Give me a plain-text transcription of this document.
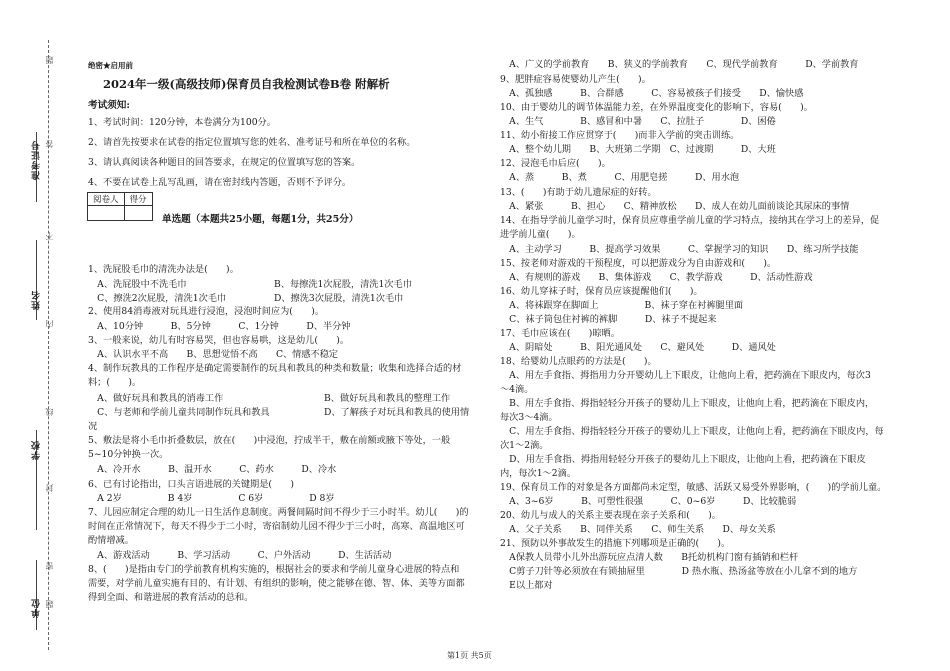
准考证号
姓名
学校
单位
题
答
不
内
线
封
密
题
绝密★启用前
2024年一级(高级技师)保育员自我检测试卷B卷 附解析
考试须知:
1、考试时间：120分钟，本卷满分为100分。
2、请首先按要求在试卷的指定位置填写您的姓名、准考证号和所在单位的名称。
3、请认真阅读各种题目的回答要求，在规定的位置填写您的答案。
4、不要在试卷上乱写乱画，请在密封线内答题，否则不予评分。
阅卷人	得分

单选题（本题共25小题，每题1分，共25分）
1、洗屁股毛巾的清洗办法是(　　)。
　A、洗屁股中不洗毛巾
　C、擦洗2次屁股，清洗1次毛巾
2、使用84消毒液对玩具进行浸泡，浸泡时间应为(　　)。
　A、10分钟　　　B、5分钟　　　C、1分钟　　　D、半分钟
3、一般来说，幼儿有时容易哭，但也容易哄，这是幼儿(　　)。
　A、认识水平不高　　B、思想觉悟不高　　C、情感不稳定
4、制作玩教具的工作程序是确定需要制作的玩具和教具的种类和数量；收集和选择合适的材
料；(　　)。
　A、做好玩具和教具的消毒工作
　C、与老师和学前儿童共同制作玩具和教具
况
5、敷法是将小毛巾折叠数层，放在(　　)中浸泡，拧成半干，敷在前额或腋下等处，一般
5~10分钟换一次。
　A、冷开水　　　B、温开水　　　C、药水　　　D、冷水
6、已有讨论指出，口头言语进展的关键期是(　　)
　A 2岁　　　　　B 4岁　　　　　C 6岁　　　　　D 8岁
7、儿园应制定合理的幼儿一日生活作息制度。两餐间隔时间不得少于三小时半。幼儿(　　)的
时间在正常情况下，每天不得少于二小时，寄宿制幼儿园不得少于三小时，高寒、高温地区可
酌情增减。
　A、游戏活动　　　B、学习活动　　　C、户外活动　　　D、生活活动
8、(　　)是指由专门的学前教育机构实施的，根据社会的要求和学前儿童身心进展的特点和
需要，对学前儿童实施有目的、有计划、有组织的影响，使之能够在德、智、体、美等方面都
得到全面、和谐进展的教育活动的总和。
B、每擦洗1次屁股，清洗1次毛巾
D、擦洗3次屁股，清洗1次毛巾
B、做好玩具和教具的整理工作
D、了解孩子对玩具和教具的使用情
　A、广义的学前教育　　B、狭义的学前教育　　C、现代学前教育　　　D、学前教育
9、肥胖症容易使婴幼儿产生(　　)。
　A、孤独感　　　B、合群感　　　C、容易被孩子们接受　　D、愉快感
10、由于婴幼儿的调节体温能力差，在外界温度变化的影响下，容易(　　)。
　A、生气　　　　B、感冒和中暑　　C、拉肚子　　　　D、困倦
11、幼小衔接工作应贯穿于(　　)而非入学前的突击训练。
　A、整个幼儿期　　B、大班第二学期　C、过渡期　　　D、大班
12、浸泡毛巾后应(　　)。
　A、蒸　　　B、煮　　　C、用肥皂搓　　　D、用水泡
13、(　　)有助于幼儿遗尿症的好转。
　A、紧张　　　B、担心　　C、精神放松　　D、成人在幼儿面前谈论其尿床的事情
14、在指导学前儿童学习时，保育员应尊重学前儿童的学习特点，接纳其在学习上的差异，促
进学前儿童(　　)。
　A、主动学习　　　B、提高学习效果　　　C、掌握学习的知识　　D、练习所学技能
15、按老师对游戏的干预程度，可以把游戏分为自由游戏和(　　)。
　A、有规则的游戏　　B、集体游戏　　C、教学游戏　　　D、活动性游戏
16、幼儿穿袜子时，保育员应该提醒他们(　　)。
　A、将袜跟穿在脚面上　　　　　B、袜子穿在衬裤腿里面
　C、袜子筒包住衬裤的裤脚　　　D、袜子不提起来
17、毛巾应该在(　　)晾晒。
　A、阴暗处　　　B、阳光通风处　　C、避风处　　　D、通风处
18、给婴幼儿点眼药的方法是(　　)。
　A、用左手食指、拇指用力分开婴幼儿上下眼皮，让他向上看，把药滴在下眼皮内，每次3
～4滴。
　B、用左手食指、拇指轻轻分开孩子的婴幼儿上下眼皮，让他向上看，把药滴在下眼皮内，
每次3～4滴。
　C、用左手食指、拇指轻轻分开孩子的婴幼儿上下眼皮，让他向上看，把药滴在下眼皮内，每
次1～2滴。
　D、用左手食指、拇指用轻轻分开孩子的婴幼儿上下眼皮，让他向上看，把药滴在下眼皮
内，每次1～2滴。
19、保育员工作的对象是各方面都尚未定型，敏感、活跃又易受外界影响，(　　)的学前儿童。
　A、3~6岁　　　B、可塑性很强　　　C、0~6岁　　　D、比较脆弱
20、幼儿与成人的关系主要表现在亲子关系和(　　)。
　A、父子关系　　B、同伴关系　　C、师生关系　　D、母女关系
21、预防以外事故发生的措施下列哪项是正确的(　　)。
　A保教人员带小儿外出游玩应点清人数　　B托幼机构门窗有插销和栏杆
　C剪子刀针等必须放在有锁抽屉里　　　　D 热水瓶、热汤盆等放在小儿拿不到的地方
　E以上都对
第1页 共5页
